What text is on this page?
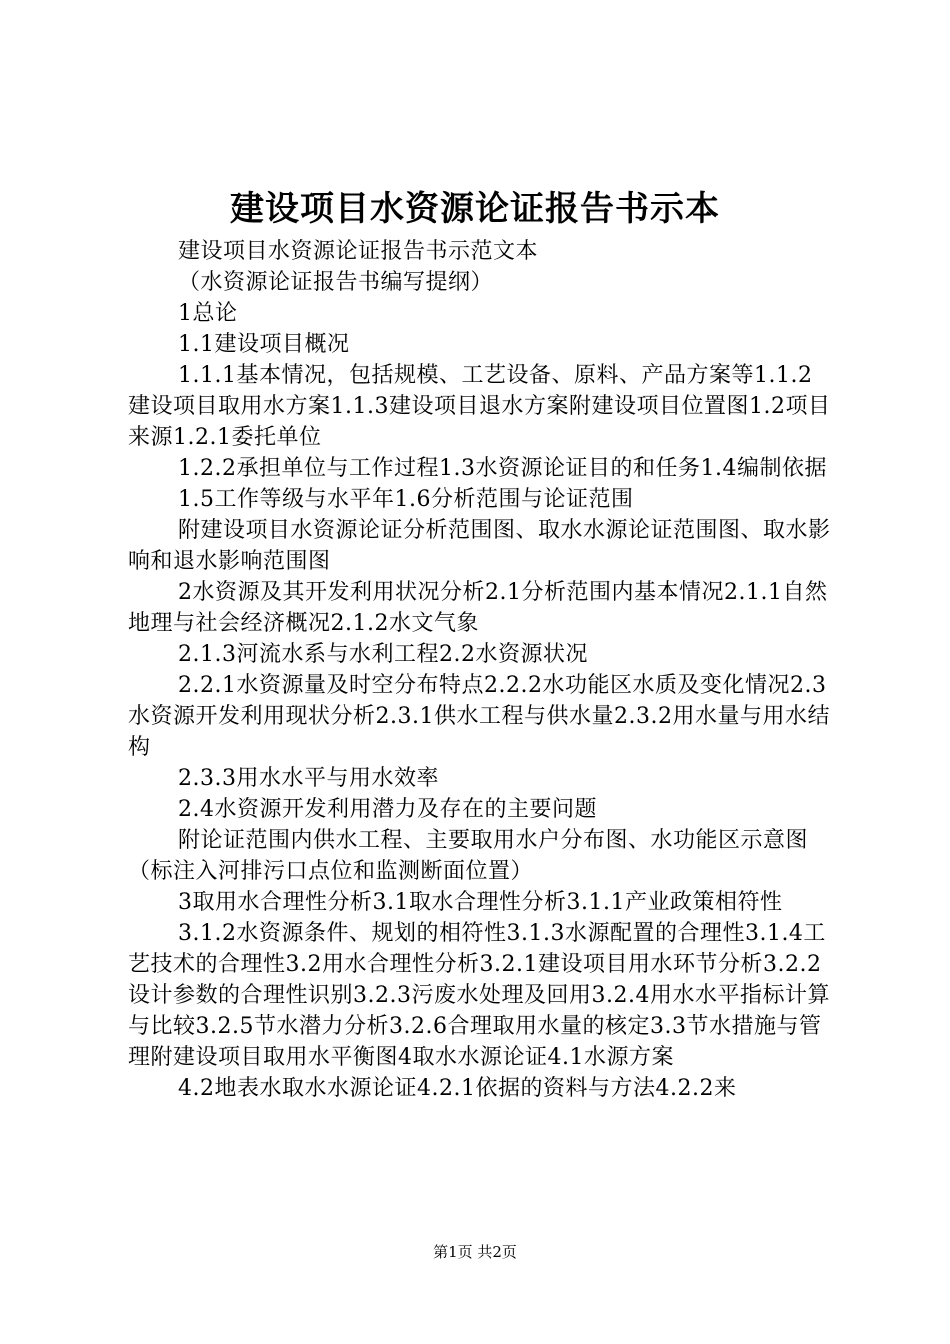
建设项目水资源论证报告书示本

建设项目水资源论证报告书示范文本

（水资源论证报告书编写提纲）

1总论

1.1建设项目概况

1.1.1基本情况，包括规模、工艺设备、原料、产品方案等1.1.2建设项目取用水方案1.1.3建设项目退水方案附建设项目位置图1.2项目来源1.2.1委托单位

1.2.2承担单位与工作过程1.3水资源论证目的和任务1.4编制依据

1.5工作等级与水平年1.6分析范围与论证范围

附建设项目水资源论证分析范围图、取水水源论证范围图、取水影响和退水影响范围图

2水资源及其开发利用状况分析2.1分析范围内基本情况2.1.1自然地理与社会经济概况2.1.2水文气象

2.1.3河流水系与水利工程2.2水资源状况

2.2.1水资源量及时空分布特点2.2.2水功能区水质及变化情况2.3水资源开发利用现状分析2.3.1供水工程与供水量2.3.2用水量与用水结构

2.3.3用水水平与用水效率

2.4水资源开发利用潜力及存在的主要问题

附论证范围内供水工程、主要取用水户分布图、水功能区示意图（标注入河排污口点位和监测断面位置）

3取用水合理性分析3.1取水合理性分析3.1.1产业政策相符性

3.1.2水资源条件、规划的相符性3.1.3水源配置的合理性3.1.4工艺技术的合理性3.2用水合理性分析3.2.1建设项目用水环节分析3.2.2设计参数的合理性识别3.2.3污废水处理及回用3.2.4用水水平指标计算与比较3.2.5节水潜力分析3.2.6合理取用水量的核定3.3节水措施与管理附建设项目取用水平衡图4取水水源论证4.1水源方案

4.2地表水取水水源论证4.2.1依据的资料与方法4.2.2来

第1页 共2页
